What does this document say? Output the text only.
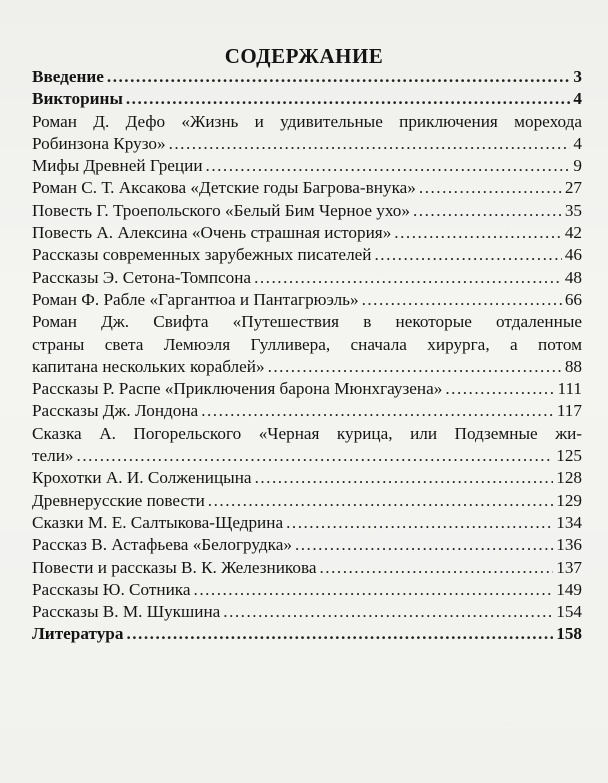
СОДЕРЖАНИЕ
Введение .....	3
Викторины .....	4
Роман Д. Дефо «Жизнь и удивительные приключения морехода
Робинзона Крузо» .....	4
Мифы Древней Греции .....	9
Роман С. Т. Аксакова «Детские годы Багрова-внука» .....	27
Повесть Г. Троепольского «Белый Бим Черное ухо» .....	35
Повесть А. Алексина «Очень страшная история» .....	42
Рассказы современных зарубежных писателей .....	46
Рассказы Э. Сетона-Томпсона .....	48
Роман Ф. Рабле «Гаргантюа и Пантагрюэль» .....	66
Роман Дж. Свифта «Путешествия в некоторые отдаленные
страны света Лемюэля Гулливера, сначала хирурга, а потом
капитана нескольких кораблей» .....	88
Рассказы Р. Распе «Приключения барона Мюнхгаузена» .....	111
Рассказы Дж. Лондона .....	117
Сказка А. Погорельского «Черная курица, или Подземные жи-
тели» .....	125
Крохотки А. И. Солженицына .....	128
Древнерусские повести .....	129
Сказки М. Е. Салтыкова-Щедрина .....	134
Рассказ В. Астафьева «Белогрудка» .....	136
Повести и рассказы В. К. Железникова .....	137
Рассказы Ю. Сотника .....	149
Рассказы В. М. Шукшина .....	154
Литература .....	158
